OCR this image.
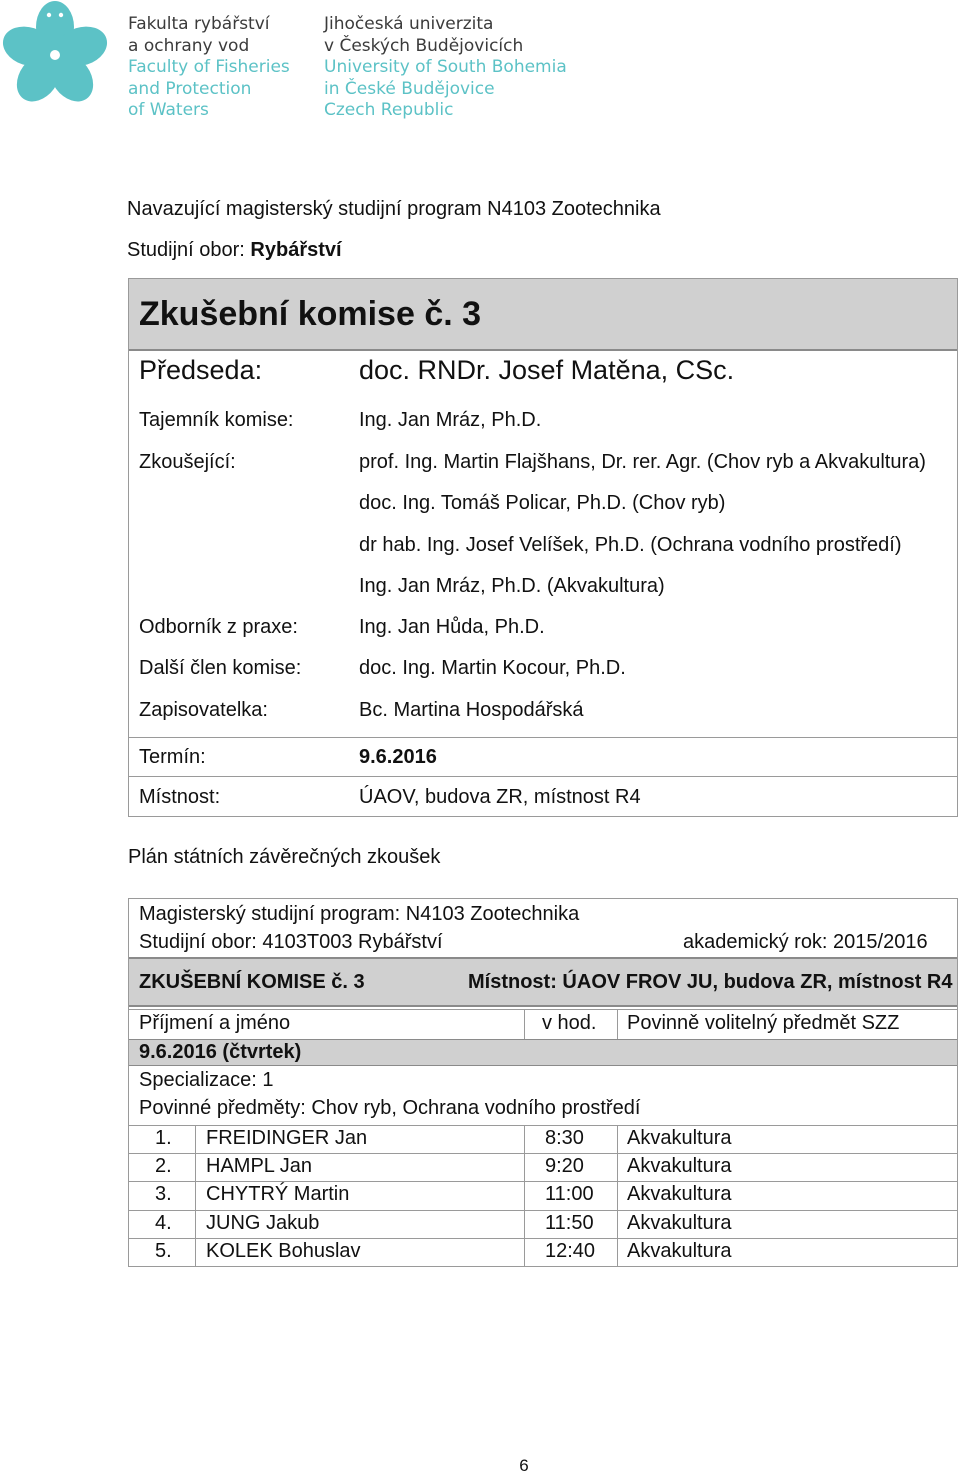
Fakulta rybářství
a ochrany vod
Faculty of Fisheries
and Protection
of Waters
Jihočeská univerzita
v Českých Budějovicích
University of South Bohemia
in České Budějovice
Czech Republic
Navazující magisterský studijní program N4103 Zootechnika
Studijní obor: Rybářství
Zkušební komise č. 3
Předseda:	doc. RNDr. Josef Matěna, CSc.
Tajemník komise:	Ing. Jan Mráz, Ph.D.
Zkoušející:	prof. Ing. Martin Flajšhans, Dr. rer. Agr. (Chov ryb a Akvakultura)
doc. Ing. Tomáš Policar, Ph.D. (Chov ryb)
dr hab. Ing. Josef Velíšek, Ph.D. (Ochrana vodního prostředí)
Ing. Jan Mráz, Ph.D. (Akvakultura)
Odborník z praxe:	Ing. Jan Hůda, Ph.D.
Další člen komise:	doc. Ing. Martin Kocour, Ph.D.
Zapisovatelka:	Bc. Martina Hospodářská
Termín:	9.6.2016
Místnost:	ÚAOV, budova ZR, místnost R4
Plán státních závěrečných zkoušek
Magisterský studijní program: N4103 Zootechnika
Studijní obor: 4103T003 Rybářství	akademický rok: 2015/2016
ZKUŠEBNÍ KOMISE č. 3	Místnost: ÚAOV FROV JU, budova ZR, místnost R4
Příjmení a jméno	v hod. Povinně volitelný předmět SZZ
9.6.2016 (čtvrtek)
Specializace: 1
Povinné předměty: Chov ryb, Ochrana vodního prostředí
1. FREIDINGER Jan	8:30 Akvakultura
2. HAMPL Jan	9:20 Akvakultura
3. CHYTRÝ Martin	11:00 Akvakultura
4. JUNG Jakub	11:50 Akvakultura
5. KOLEK Bohuslav	12:40 Akvakultura
6
